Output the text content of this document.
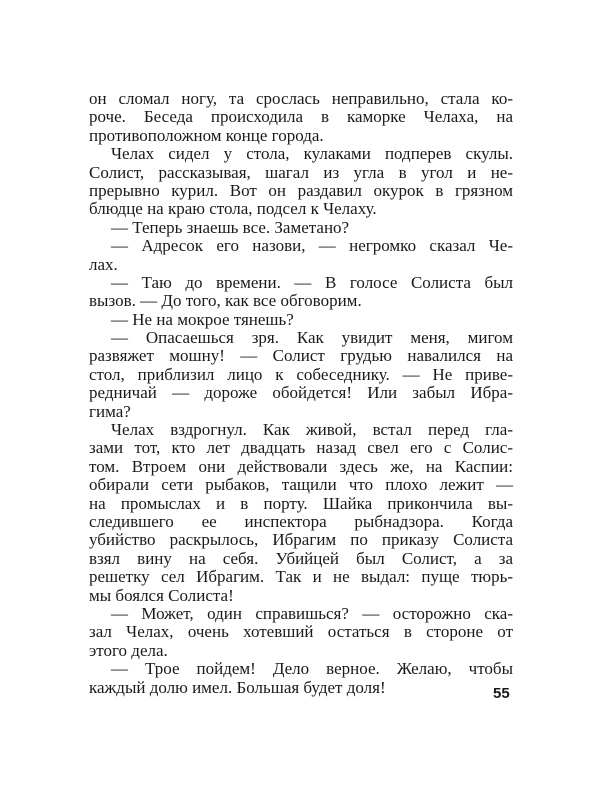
он сломал ногу, та срослась неправильно, стала ко-
роче. Беседа происходила в каморке Челаха, на
противоположном конце города.
Челах сидел у стола, кулаками подперев скулы.
Солист, рассказывая, шагал из угла в угол и не-
прерывно курил. Вот он раздавил окурок в грязном
блюдце на краю стола, подсел к Челаху.
— Теперь знаешь все. Заметано?
— Адресок его назови, — негромко сказал Че-
лах.
— Таю до времени. — В голосе Солиста был
вызов. — До того, как все обговорим.
— Не на мокрое тянешь?
— Опасаешься зря. Как увидит меня, мигом
развяжет мошну! — Солист грудью навалился на
стол, приблизил лицо к собеседнику. — Не приве-
редничай — дороже обойдется! Или забыл Ибра-
гима?
Челах вздрогнул. Как живой, встал перед гла-
зами тот, кто лет двадцать назад свел его с Солис-
том. Втроем они действовали здесь же, на Каспии:
обирали сети рыбаков, тащили что плохо лежит —
на промыслах и в порту. Шайка прикончила вы-
следившего ее инспектора рыбнадзора. Когда
убийство раскрылось, Ибрагим по приказу Солиста
взял вину на себя. Убийцей был Солист, а за
решетку сел Ибрагим. Так и не выдал: пуще тюрь-
мы боялся Солиста!
— Может, один справишься? — осторожно ска-
зал Челах, очень хотевший остаться в стороне от
этого дела.
— Трое пойдем! Дело верное. Желаю, чтобы
каждый долю имел. Большая будет доля!	55
